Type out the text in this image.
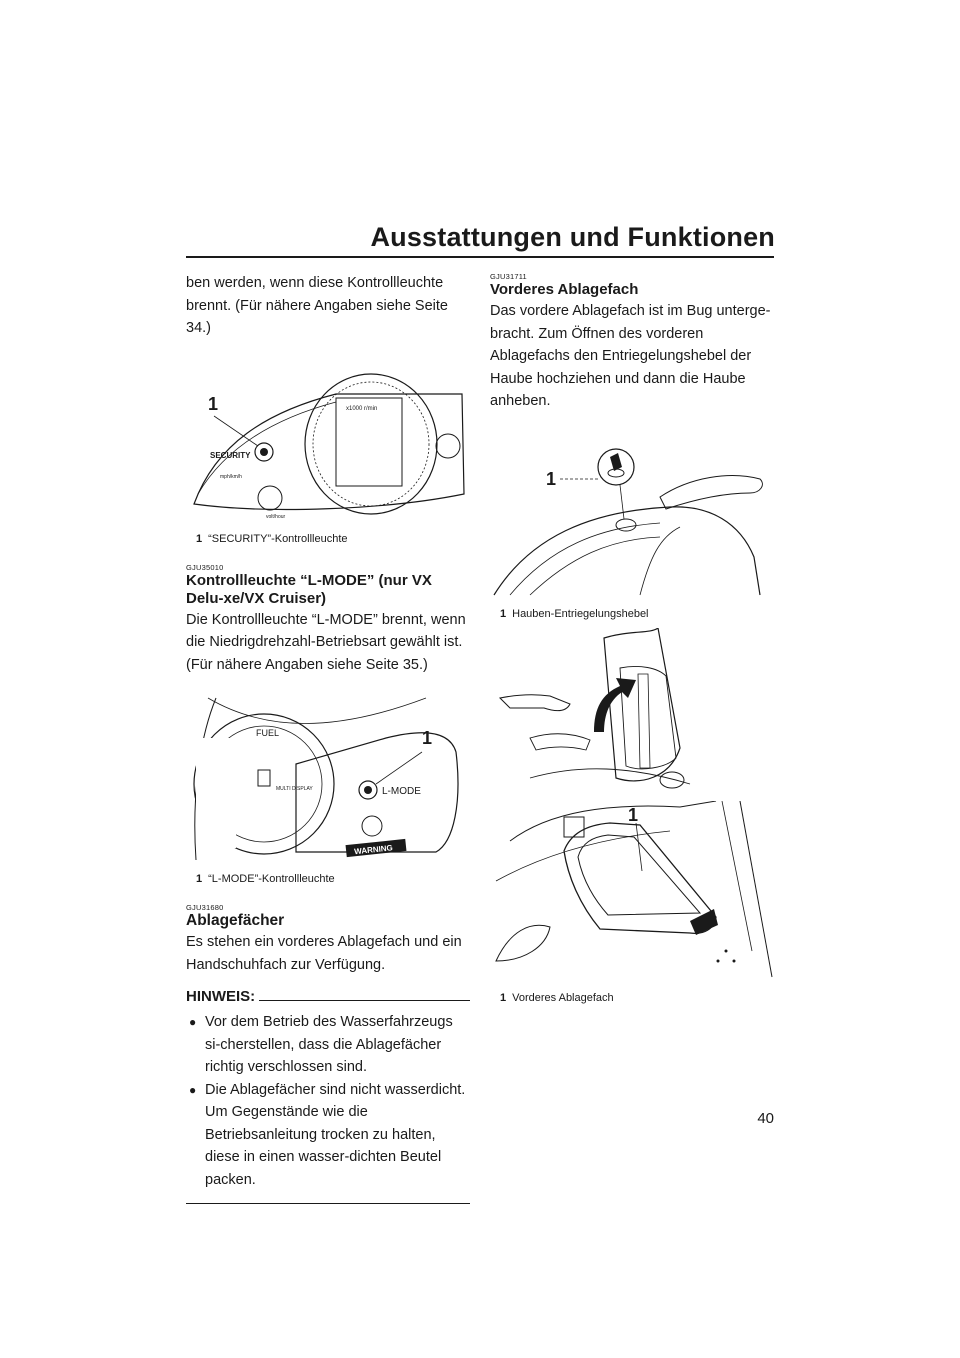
Ausstattungen und Funktionen

ben werden, wenn diese Kontrollleuchte brennt. (Für nähere Angaben siehe Seite 34.)

1
SECURITY
mph/km/h
volt/hour
x1000 r/min
1 “SECURITY”-Kontrollleuchte

GJU35010

Kontrollleuchte “L-MODE” (nur VX Delu-xe/VX Cruiser)

Die Kontrollleuchte “L-MODE” brennt, wenn die Niedrigdrehzahl-Betriebsart gewählt ist. (Für nähere Angaben siehe Seite 35.)

1
FUEL
MULTI DISPLAY	L-MODE
WARNING
1 “L-MODE”-Kontrollleuchte

GJU31680

Ablagefächer

Es stehen ein vorderes Ablagefach und ein Handschuhfach zur Verfügung.

HINWEIS:
● Vor dem Betrieb des Wasserfahrzeugs si-cherstellen, dass die Ablagefächer richtig verschlossen sind.
● Die Ablagefächer sind nicht wasserdicht. Um Gegenstände wie die Betriebsanleitung trocken zu halten, diese in einen wasser-dichten Beutel packen.

GJU31711

Vorderes Ablagefach

Das vordere Ablagefach ist im Bug unterge-bracht. Zum Öffnen des vorderen Ablagefachs den Entriegelungshebel der Haube hochziehen und dann die Haube anheben.

1
1 Hauben-Entriegelungshebel
1
1 Vorderes Ablagefach

40
